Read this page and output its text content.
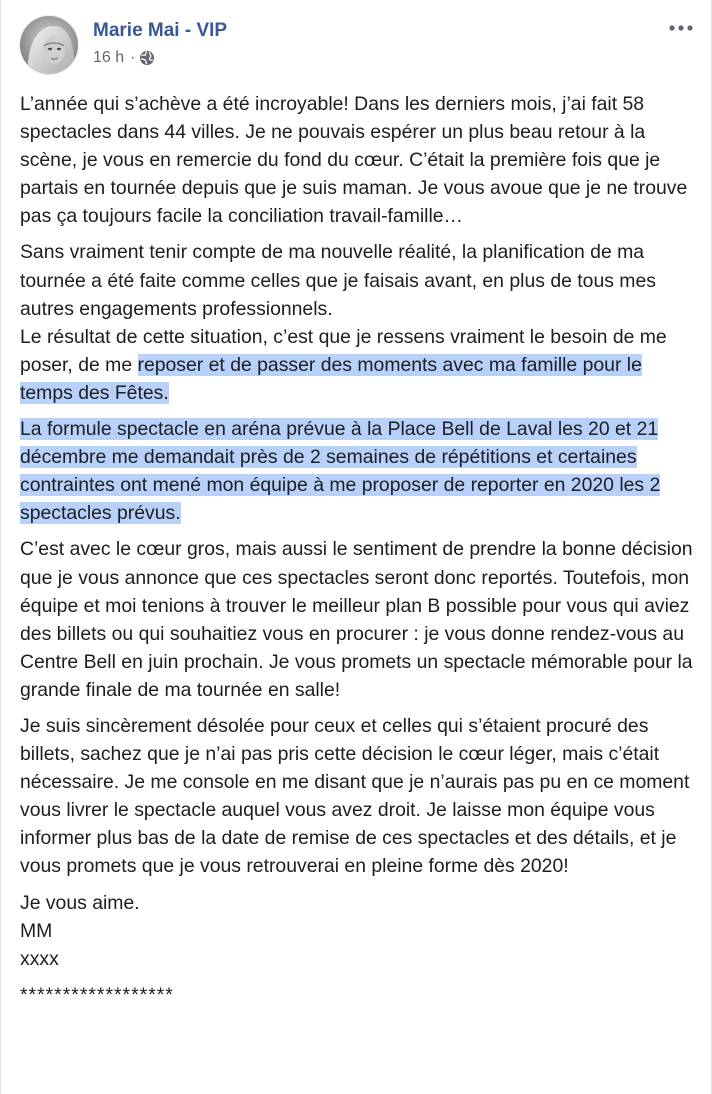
Marie Mai - VIP
16 h ·

L’année qui s’achève a été incroyable! Dans les derniers mois, j’ai fait 58 spectacles dans 44 villes. Je ne pouvais espérer un plus beau retour à la scène, je vous en remercie du fond du cœur. C’était la première fois que je partais en tournée depuis que je suis maman. Je vous avoue que je ne trouve pas ça toujours facile la conciliation travail-famille…

Sans vraiment tenir compte de ma nouvelle réalité, la planification de ma tournée a été faite comme celles que je faisais avant, en plus de tous mes autres engagements professionnels.
Le résultat de cette situation, c’est que je ressens vraiment le besoin de me poser, de me reposer et de passer des moments avec ma famille pour le temps des Fêtes.

La formule spectacle en aréna prévue à la Place Bell de Laval les 20 et 21 décembre me demandait près de 2 semaines de répétitions et certaines contraintes ont mené mon équipe à me proposer de reporter en 2020 les 2 spectacles prévus.

C’est avec le cœur gros, mais aussi le sentiment de prendre la bonne décision que je vous annonce que ces spectacles seront donc reportés. Toutefois, mon équipe et moi tenions à trouver le meilleur plan B possible pour vous qui aviez des billets ou qui souhaitiez vous en procurer : je vous donne rendez-vous au Centre Bell en juin prochain. Je vous promets un spectacle mémorable pour la grande finale de ma tournée en salle!

Je suis sincèrement désolée pour ceux et celles qui s’étaient procuré des billets, sachez que je n’ai pas pris cette décision le cœur léger, mais c’était nécessaire. Je me console en me disant que je n’aurais pas pu en ce moment vous livrer le spectacle auquel vous avez droit. Je laisse mon équipe vous informer plus bas de la date de remise de ces spectacles et des détails, et je vous promets que je vous retrouverai en pleine forme dès 2020!

Je vous aime.
MM
xxxx

******************
